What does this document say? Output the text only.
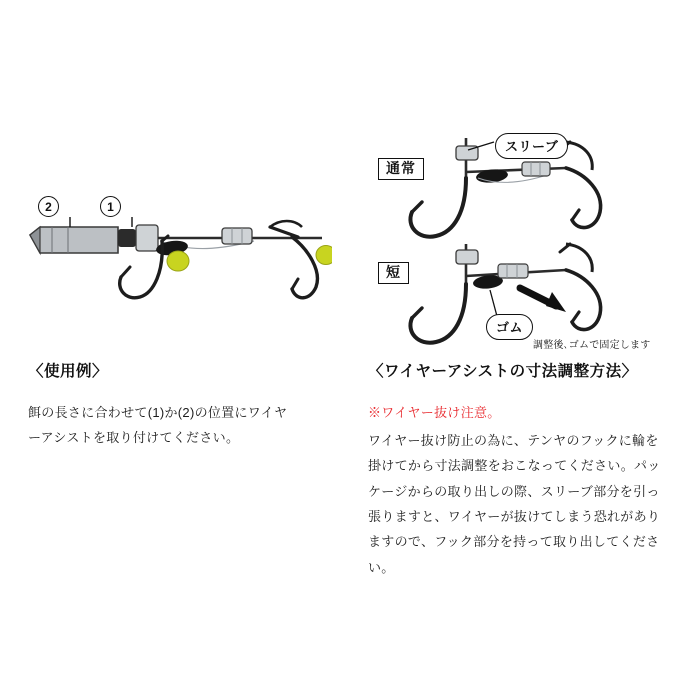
2	1
通常
短
スリーブ
ゴム
調整後､ゴムで固定します
〈使用例〉

餌の長さに合わせて(1)か(2)の位置にワイヤーアシストを取り付けてください。

〈ワイヤーアシストの寸法調整方法〉

※ワイヤー抜け注意。

ワイヤー抜け防止の為に、テンヤのフックに輪を掛けてから寸法調整をおこなってください。パッケージからの取り出しの際、スリーブ部分を引っ張りますと、ワイヤーが抜けてしまう恐れがありますので、フック部分を持って取り出してください。
